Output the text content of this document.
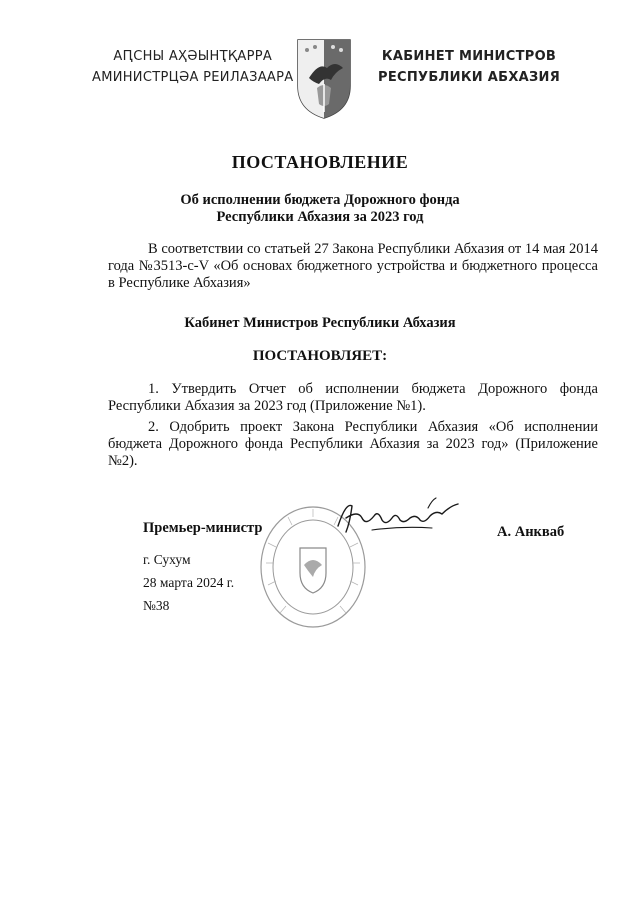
АԤСНЫ АҲӘЫНҬҚАРРА
АМИНИСТРЦӘА РЕИЛАЗААРА
КАБИНЕТ МИНИСТРОВ
РЕСПУБЛИКИ АБХАЗИЯ
ПОСТАНОВЛЕНИЕ
Об исполнении бюджета Дорожного фонда
Республики Абхазия за 2023 год
В соответствии со статьей 27 Закона Республики Абхазия от 14 мая 2014 года №3513-с-V «Об основах бюджетного устройства и бюджетного процесса в Республике Абхазия»
Кабинет Министров Республики Абхазия
ПОСТАНОВЛЯЕТ:
1. Утвердить Отчет об исполнении бюджета Дорожного фонда Республики Абхазия за 2023 год (Приложение №1).
2. Одобрить проект Закона Республики Абхазия «Об исполнении бюджета Дорожного фонда Республики Абхазия за 2023 год» (Приложение №2).
Премьер-министр	А. Анкваб
г. Сухум
28 марта 2024 г.
№38
